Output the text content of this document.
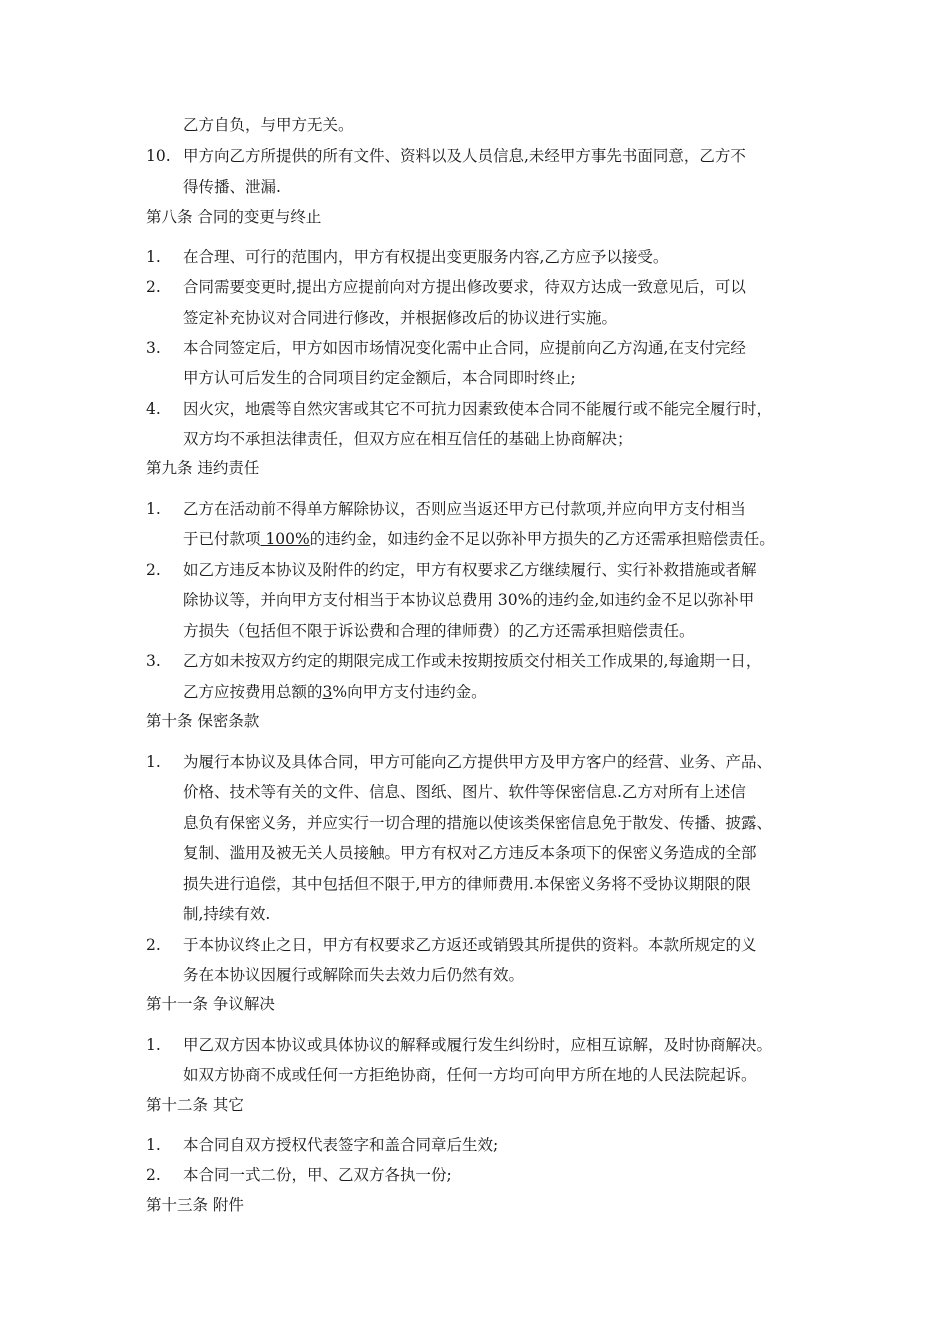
乙方自负，与甲方无关。
10. 甲方向乙方所提供的所有文件、资料以及人员信息,未经甲方事先书面同意，乙方不
得传播、泄漏.
第八条 合同的变更与终止
1. 在合理、可行的范围内，甲方有权提出变更服务内容,乙方应予以接受。
2. 合同需要变更时,提出方应提前向对方提出修改要求，待双方达成一致意见后，可以
签定补充协议对合同进行修改，并根据修改后的协议进行实施。
3. 本合同签定后，甲方如因市场情况变化需中止合同，应提前向乙方沟通,在支付完经
甲方认可后发生的合同项目约定金额后，本合同即时终止;
4. 因火灾，地震等自然灾害或其它不可抗力因素致使本合同不能履行或不能完全履行时，
双方均不承担法律责任，但双方应在相互信任的基础上协商解决；
第九条 违约责任
1. 乙方在活动前不得单方解除协议，否则应当返还甲方已付款项,并应向甲方支付相当
于已付款项 100%的违约金，如违约金不足以弥补甲方损失的乙方还需承担赔偿责任。
2. 如乙方违反本协议及附件的约定，甲方有权要求乙方继续履行、实行补救措施或者解
除协议等，并向甲方支付相当于本协议总费用 30%的违约金,如违约金不足以弥补甲
方损失（包括但不限于诉讼费和合理的律师费）的乙方还需承担赔偿责任。
3. 乙方如未按双方约定的期限完成工作或未按期按质交付相关工作成果的,每逾期一日，
乙方应按费用总额的3%向甲方支付违约金。
第十条 保密条款
1. 为履行本协议及具体合同，甲方可能向乙方提供甲方及甲方客户的经营、业务、产品、
价格、技术等有关的文件、信息、图纸、图片、软件等保密信息.乙方对所有上述信
息负有保密义务，并应实行一切合理的措施以使该类保密信息免于散发、传播、披露、
复制、滥用及被无关人员接触。甲方有权对乙方违反本条项下的保密义务造成的全部
损失进行追偿，其中包括但不限于,甲方的律师费用.本保密义务将不受协议期限的限
制,持续有效.
2. 于本协议终止之日，甲方有权要求乙方返还或销毁其所提供的资料。本款所规定的义
务在本协议因履行或解除而失去效力后仍然有效。
第十一条 争议解决
1. 甲乙双方因本协议或具体协议的解释或履行发生纠纷时，应相互谅解，及时协商解决。
如双方协商不成或任何一方拒绝协商，任何一方均可向甲方所在地的人民法院起诉。
第十二条 其它
1. 本合同自双方授权代表签字和盖合同章后生效;
2. 本合同一式二份，甲、乙双方各执一份;
第十三条 附件
